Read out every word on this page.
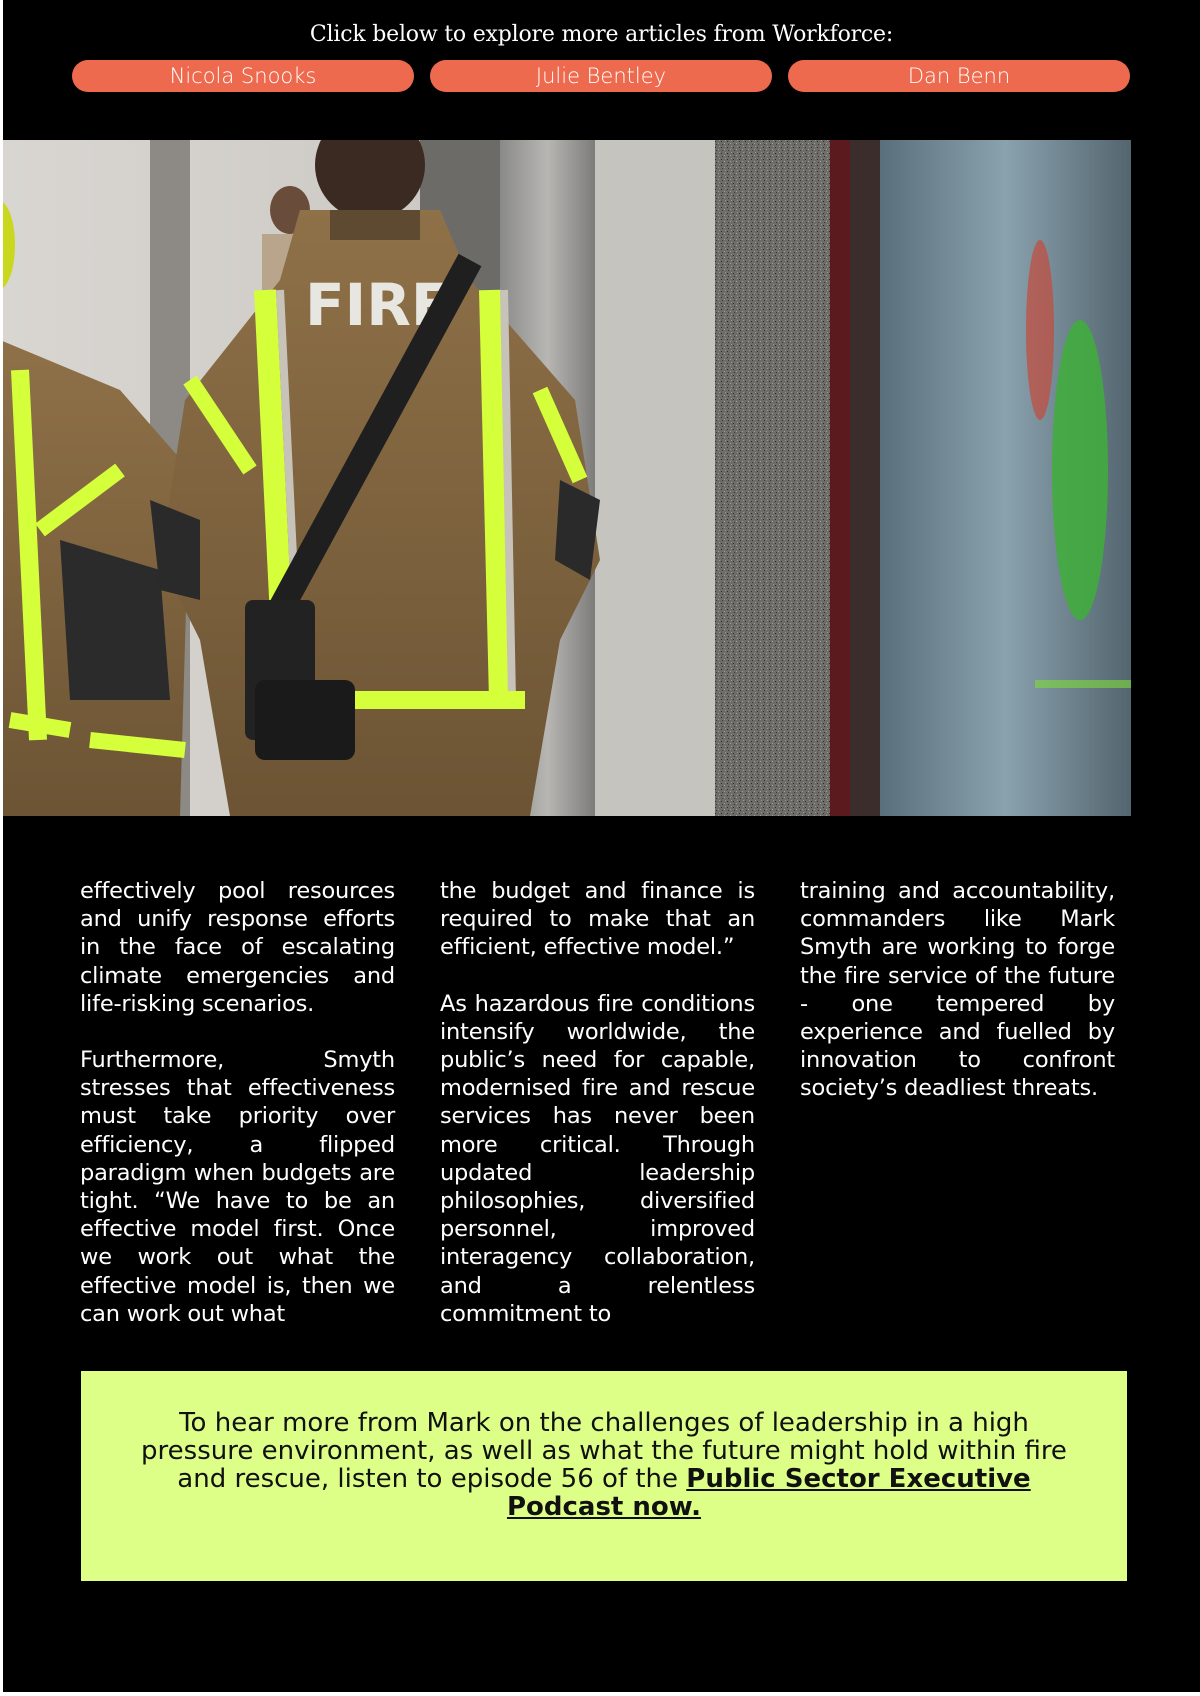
Click below to explore more articles from Workforce:
Nicola Snooks	Julie Bentley	Dan Benn
FIRE

effectively pool resources and unify response efforts in the face of escalating climate emergencies and life-risking scenarios.

Furthermore, Smyth stresses that effectiveness must take priority over efficiency, a flipped paradigm when budgets are tight. “We have to be an effective model first. Once we work out what the effective model is, then we can work out what

the budget and finance is required to make that an efficient, effective model.”

As hazardous fire conditions intensify worldwide, the public’s need for capable, modernised fire and rescue services has never been more critical. Through updated leadership philosophies, diversified personnel, improved interagency collaboration, and a relentless commitment to

training and accountability, commanders like Mark Smyth are working to forge the fire service of the future - one tempered by experience and fuelled by innovation to confront society’s deadliest threats.

To hear more from Mark on the challenges of leadership in a high pressure environment, as well as what the future might hold within fire and rescue, listen to episode 56 of the Public Sector Executive Podcast now.
